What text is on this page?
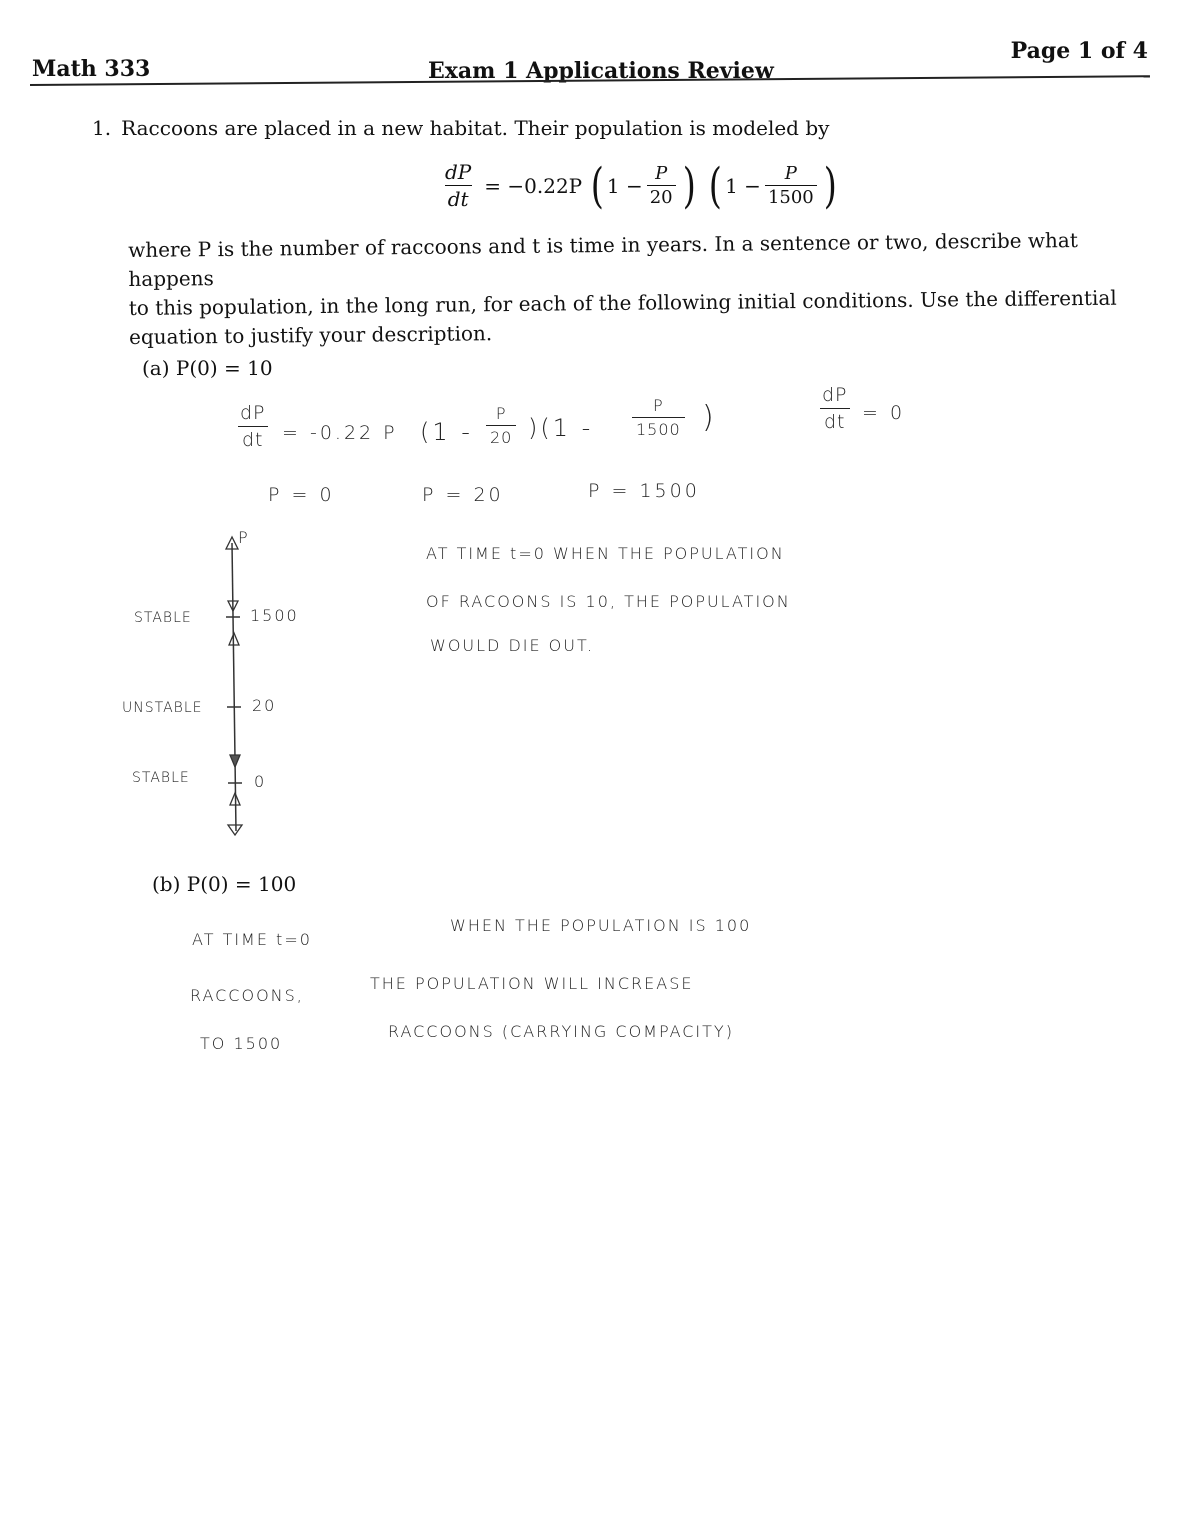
Math 333	Exam 1 Applications Review
Page 1 of 4
1. Raccoons are placed in a new habitat. Their population is modeled by
$\frac{dP}{dt} = -0.22P$ ( $1 - \frac{P}{20}$ ) ( $1 - \frac{P}{1500}$ )
where P is the number of raccoons and t is time in years. In a sentence or two, describe what happens
to this population, in the long run, for each of the following initial conditions. Use the differential
equation to justify your description.
(a) P(0) = 10
$\frac{dP}{dt} = -0.22$ P $(1 - \frac{P}{20} )(1 - \frac{P}{1500}$ )	$\frac{dP}{dt} = 0$
P = 0	P = 20	P = 1500
P
1500
20
0
STABLE
UNSTABLE
STABLE
AT TIME t=0 WHEN THE POPULATION
OF RACOONS IS 10, THE POPULATION
WOULD DIE OUT.
(b) P(0) = 100
AT TIME t=0
WHEN THE POPULATION IS 100
RACCOONS,
THE POPULATION WILL INCREASE
TO 1500
RACCOONS (CARRYING COMPACITY)
